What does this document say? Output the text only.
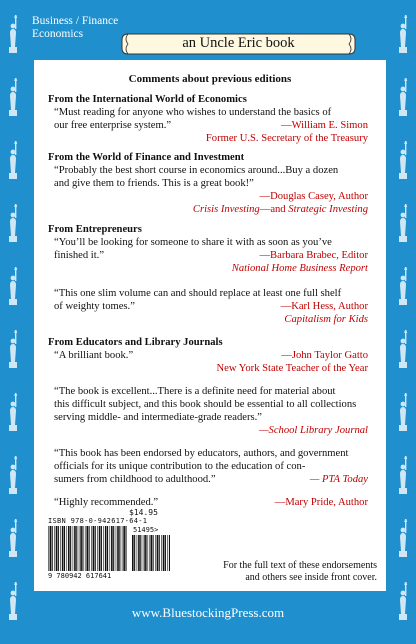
Business / Finance
Economics
Comments about previous editions
From the International World of Economics
“Must reading for anyone who wishes to understand the basics of
our free enterprise system.”	—William E. Simon
Former U.S. Secretary of the Treasury
From the World of Finance and Investment
“Probably the best short course in economics around...Buy a dozen
and give them to friends. This is a great book!”
—Douglas Casey, Author
Crisis Investing—and Strategic Investing
From Entrepreneurs
“You’ll be looking for someone to share it with as soon as you’ve
finished it.”	—Barbara Brabec, Editor
National Home Business Report
“This one slim volume can and should replace at least one full shelf
of weighty tomes.”	—Karl Hess, Author
Capitalism for Kids
From Educators and Library Journals
“A brilliant book.”	—John Taylor Gatto
New York State Teacher of the Year
“The book is excellent...There is a definite need for material about
this difficult subject, and this book should be essential to all collections
serving middle- and intermediate-grade readers.”
—School Library Journal
“This book has been endorsed by educators, authors, and government
officials for its unique contribution to the education of con-
sumers from childhood to adulthood.”	— PTA Today
“Highly recommended.”	—Mary Pride, Author
$14.95
ISBN 978-0-942617-64-1
51495>
9 780942 617641
For the full text of these endorsements
and others see inside front cover.
an Uncle Eric book
www.BluestockingPress.com
